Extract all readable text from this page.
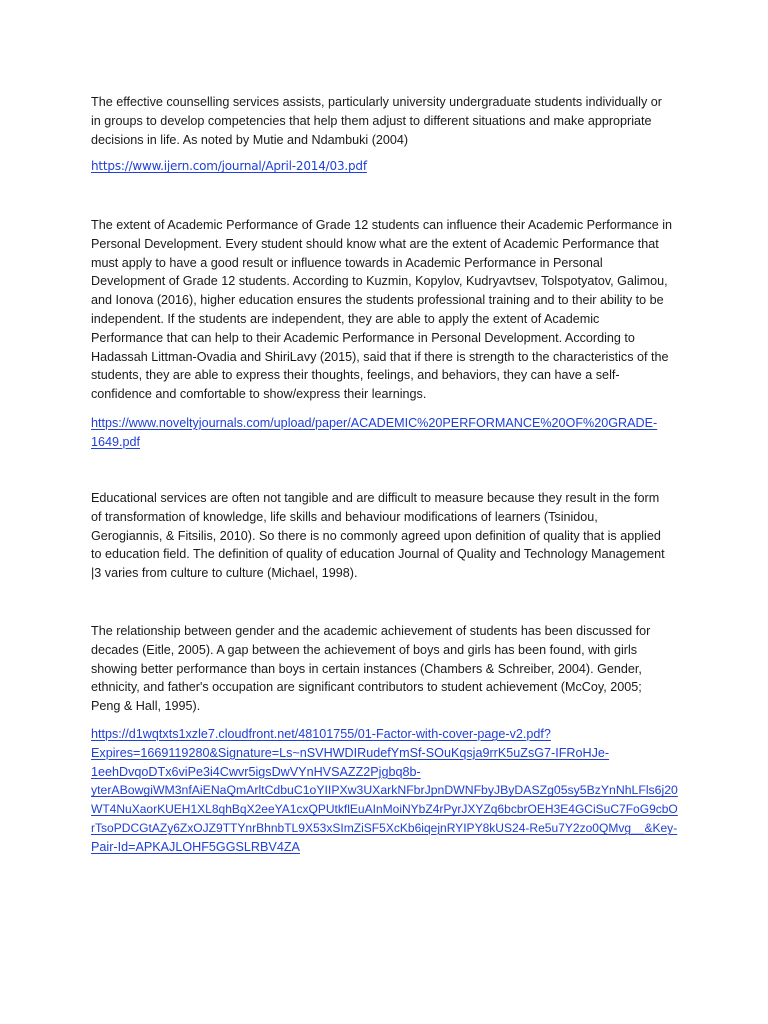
The effective counselling services assists, particularly university undergraduate students individually or
in groups to develop competencies that help them adjust to different situations and make appropriate
decisions in life. As noted by Mutie and Ndambuki (2004)

https://www.ijern.com/journal/April-2014/03.pdf

The extent of Academic Performance of Grade 12 students can influence their Academic Performance in
Personal Development. Every student should know what are the extent of Academic Performance that
must apply to have a good result or influence towards in Academic Performance in Personal
Development of Grade 12 students. According to Kuzmin, Kopylov, Kudryavtsev, Tolspotyatov, Galimou,
and Ionova (2016), higher education ensures the students professional training and to their ability to be
independent. If the students are independent, they are able to apply the extent of Academic
Performance that can help to their Academic Performance in Personal Development. According to
Hadassah Littman-Ovadia and ShiriLavy (2015), said that if there is strength to the characteristics of the
students, they are able to express their thoughts, feelings, and behaviors, they can have a self-
confidence and comfortable to show/express their learnings.

https://www.noveltyjournals.com/upload/paper/ACADEMIC%20PERFORMANCE%20OF%20GRADE-
1649.pdf

Educational services are often not tangible and are difficult to measure because they result in the form
of transformation of knowledge, life skills and behaviour modifications of learners (Tsinidou,
Gerogiannis, & Fitsilis, 2010). So there is no commonly agreed upon definition of quality that is applied
to education field. The definition of quality of education Journal of Quality and Technology Management
|3 varies from culture to culture (Michael, 1998).

The relationship between gender and the academic achievement of students has been discussed for
decades (Eitle, 2005). A gap between the achievement of boys and girls has been found, with girls
showing better performance than boys in certain instances (Chambers & Schreiber, 2004). Gender,
ethnicity, and father's occupation are significant contributors to student achievement (McCoy, 2005;
Peng & Hall, 1995).

https://d1wqtxts1xzle7.cloudfront.net/48101755/01-Factor-with-cover-page-v2.pdf?
Expires=1669119280&Signature=Ls~nSVHWDIRudefYmSf-SOuKqsja9rrK5uZsG7-IFRoHJe-
1eehDvqoDTx6viPe3i4Cwvr5igsDwVYnHVSAZZ2Pjgbq8b-
yterABowgiWM3nfAiENaQmArltCdbuC1oYIIPXw3UXarkNFbrJpnDWNFbyJByDASZg05sy5BzYnNhLFls6j20
WT4NuXaorKUEH1XL8qhBqX2eeYA1cxQPUtkflEuAInMoiNYbZ4rPyrJXYZq6bcbrOEH3E4GCiSuC7FoG9cbO
rTsoPDCGtAZy6ZxOJZ9TTYnrBhnbTL9X53xSImZiSF5XcKb6iqejnRYIPY8kUS24-Re5u7Y2zo0QMvg__&Key-
Pair-Id=APKAJLOHF5GGSLRBV4ZA
